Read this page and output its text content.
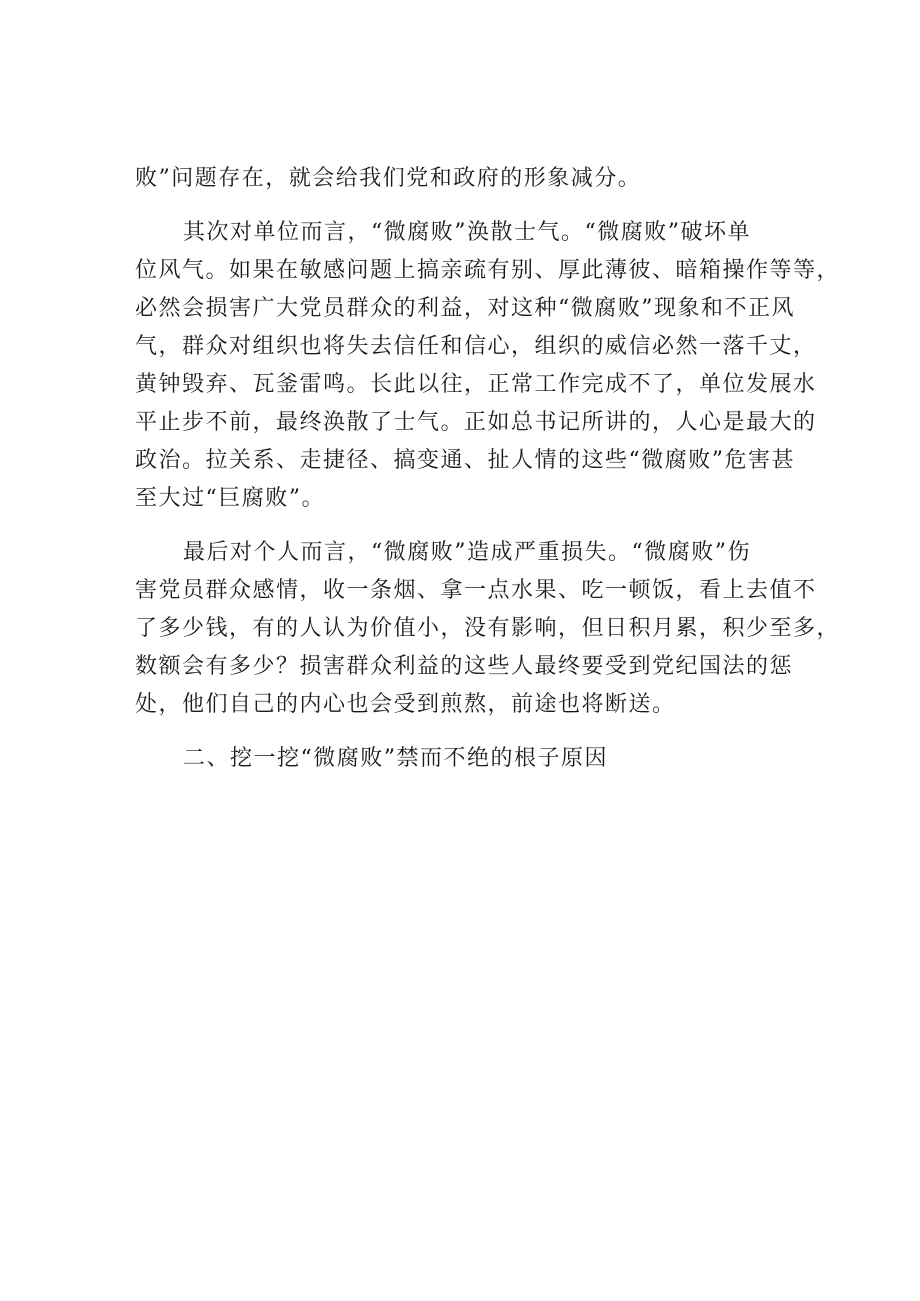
败”问题存在，就会给我们党和政府的形象减分。

其次对单位而言，“微腐败”涣散士气。“微腐败”破坏单
位风气。如果在敏感问题上搞亲疏有别、厚此薄彼、暗箱操作等等，
必然会损害广大党员群众的利益，对这种“微腐败”现象和不正风
气，群众对组织也将失去信任和信心，组织的威信必然一落千丈，
黄钟毁弃、瓦釜雷鸣。长此以往，正常工作完成不了，单位发展水
平止步不前，最终涣散了士气。正如总书记所讲的，人心是最大的
政治。拉关系、走捷径、搞变通、扯人情的这些“微腐败”危害甚
至大过“巨腐败”。

最后对个人而言，“微腐败”造成严重损失。“微腐败”伤
害党员群众感情，收一条烟、拿一点水果、吃一顿饭，看上去值不
了多少钱，有的人认为价值小，没有影响，但日积月累，积少至多，
数额会有多少？损害群众利益的这些人最终要受到党纪国法的惩
处，他们自己的内心也会受到煎熬，前途也将断送。

二、挖一挖“微腐败”禁而不绝的根子原因
